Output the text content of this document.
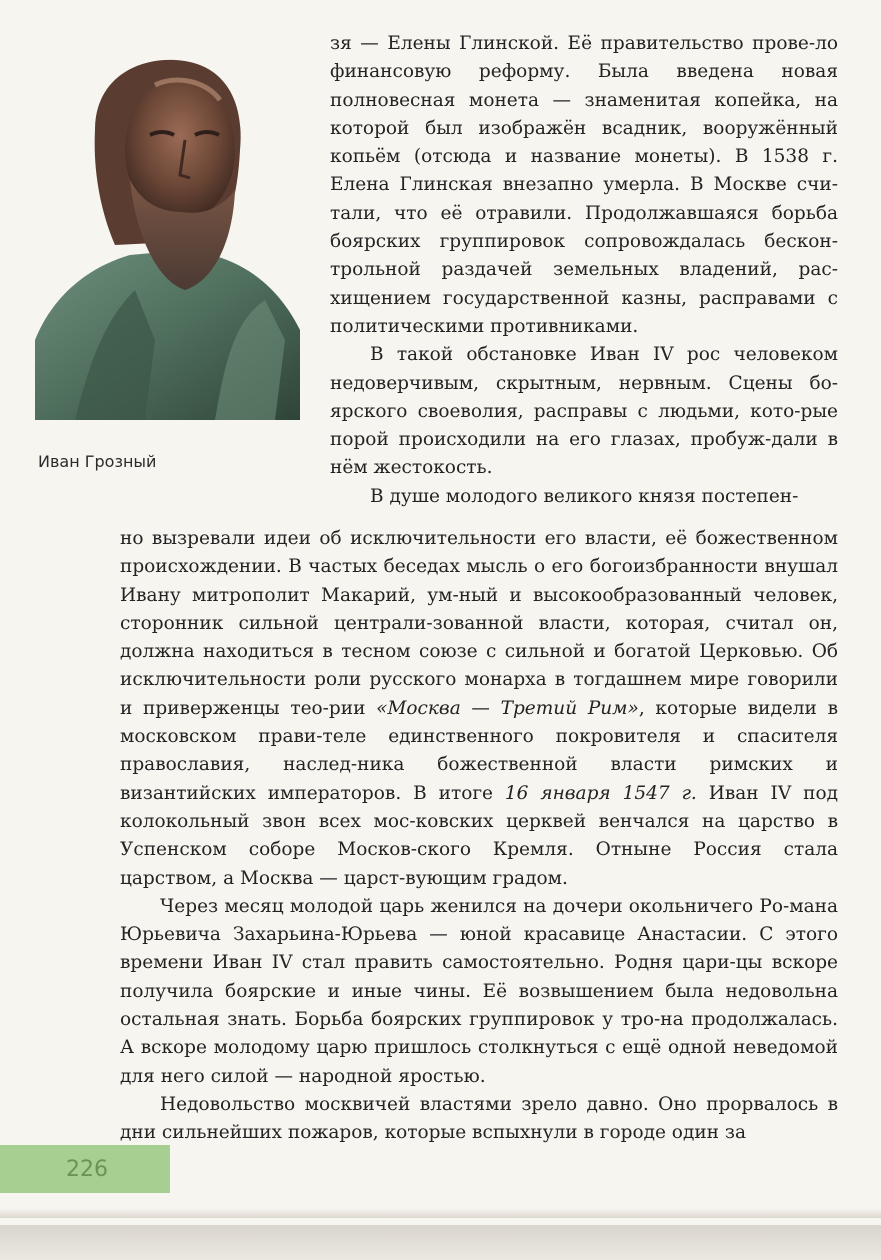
Иван Грозный

зя — Елены Глинской. Её правительство прове-ло финансовую реформу. Была введена новая полновесная монета — знаменитая копейка, на которой был изображён всадник, вооружённый копьём (отсюда и название монеты). В 1538 г. Елена Глинская внезапно умерла. В Москве счи-тали, что её отравили. Продолжавшаяся борьба боярских группировок сопровождалась бескон-трольной раздачей земельных владений, рас-хищением государственной казны, расправами с политическими противниками.

В такой обстановке Иван IV рос человеком недоверчивым, скрытным, нервным. Сцены бо-ярского своеволия, расправы с людьми, кото-рые порой происходили на его глазах, пробуж-дали в нём жестокость.

В душе молодого великого князя постепен-

но вызревали идеи об исключительности его власти, её божественном происхождении. В частых беседах мысль о его богоизбранности внушал Ивану митрополит Макарий, ум-ный и высокообразованный человек, сторонник сильной централи-зованной власти, которая, считал он, должна находиться в тесном союзе с сильной и богатой Церковью. Об исключительности роли русского монарха в тогдашнем мире говорили и приверженцы тео-рии «Москва — Третий Рим», которые видели в московском прави-теле единственного покровителя и спасителя православия, наслед-ника божественной власти римских и византийских императоров. В итоге 16 января 1547 г. Иван IV под колокольный звон всех мос-ковских церквей венчался на царство в Успенском соборе Москов-ского Кремля. Отныне Россия стала царством, а Москва — царст-вующим градом.

Через месяц молодой царь женился на дочери окольничего Ро-мана Юрьевича Захарьина-Юрьева — юной красавице Анастасии. С этого времени Иван IV стал править самостоятельно. Родня цари-цы вскоре получила боярские и иные чины. Её возвышением была недовольна остальная знать. Борьба боярских группировок у тро-на продолжалась. А вскоре молодому царю пришлось столкнуться с ещё одной неведомой для него силой — народной яростью.

Недовольство москвичей властями зрело давно. Оно прорвалось в дни сильнейших пожаров, которые вспыхнули в городе один за

226
